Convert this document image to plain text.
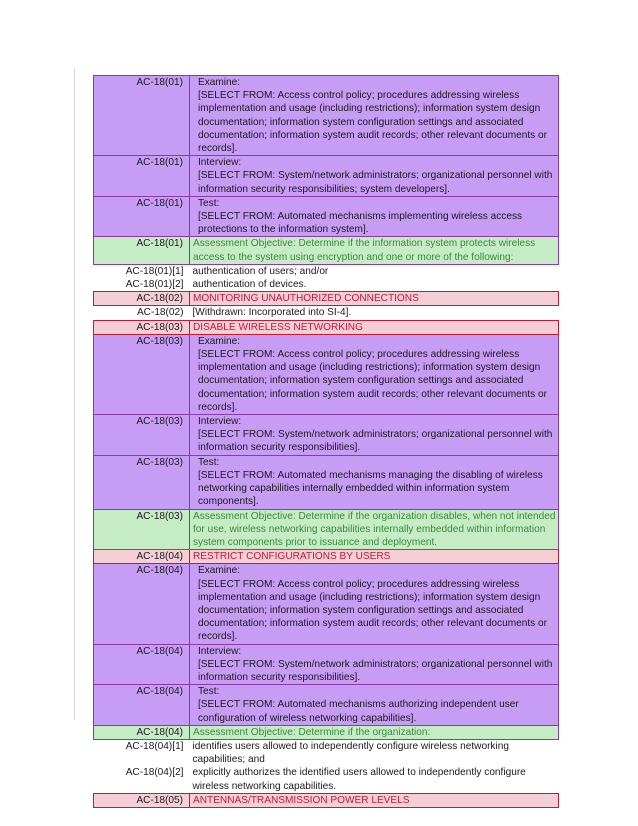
AC-18(01)	Examine:
[SELECT FROM: Access control policy; procedures addressing wireless implementation and usage (including restrictions); information system design documentation; information system configuration settings and associated documentation; information system audit records; other relevant documents or records].

AC-18(01)	Interview:
[SELECT FROM: System/network administrators; organizational personnel with information security responsibilities; system developers].

AC-18(01)	Test:
[SELECT FROM: Automated mechanisms implementing wireless access protections to the information system].

AC-18(01)	Assessment Objective: Determine if the information system protects wireless access to the system using encryption and one or more of the following:
AC-18(01)[1]	authentication of users; and/or
AC-18(01)[2]	authentication of devices.
AC-18(02)	MONITORING UNAUTHORIZED CONNECTIONS
AC-18(02)	[Withdrawn: Incorporated into SI-4].
AC-18(03)	DISABLE WIRELESS NETWORKING
AC-18(03)	Examine:
[SELECT FROM: Access control policy; procedures addressing wireless implementation and usage (including restrictions); information system design documentation; information system configuration settings and associated documentation; information system audit records; other relevant documents or records].

AC-18(03)	Interview:
[SELECT FROM: System/network administrators; organizational personnel with information security responsibilities].

AC-18(03)	Test:
[SELECT FROM: Automated mechanisms managing the disabling of wireless networking capabilities internally embedded within information system components].

AC-18(03)	Assessment Objective: Determine if the organization disables, when not intended for use, wireless networking capabilities internally embedded within information system components prior to issuance and deployment.
AC-18(04)	RESTRICT CONFIGURATIONS BY USERS
AC-18(04)	Examine:
[SELECT FROM: Access control policy; procedures addressing wireless implementation and usage (including restrictions); information system design documentation; information system configuration settings and associated documentation; information system audit records; other relevant documents or records].

AC-18(04)	Interview:
[SELECT FROM: System/network administrators; organizational personnel with information security responsibilities].

AC-18(04)	Test:
[SELECT FROM: Automated mechanisms authorizing independent user configuration of wireless networking capabilities].

AC-18(04)	Assessment Objective: Determine if the organization:
AC-18(04)[1]	identifies users allowed to independently configure wireless networking capabilities; and
AC-18(04)[2]	explicitly authorizes the identified users allowed to independently configure wireless networking capabilities.
AC-18(05)	ANTENNAS/TRANSMISSION POWER LEVELS
